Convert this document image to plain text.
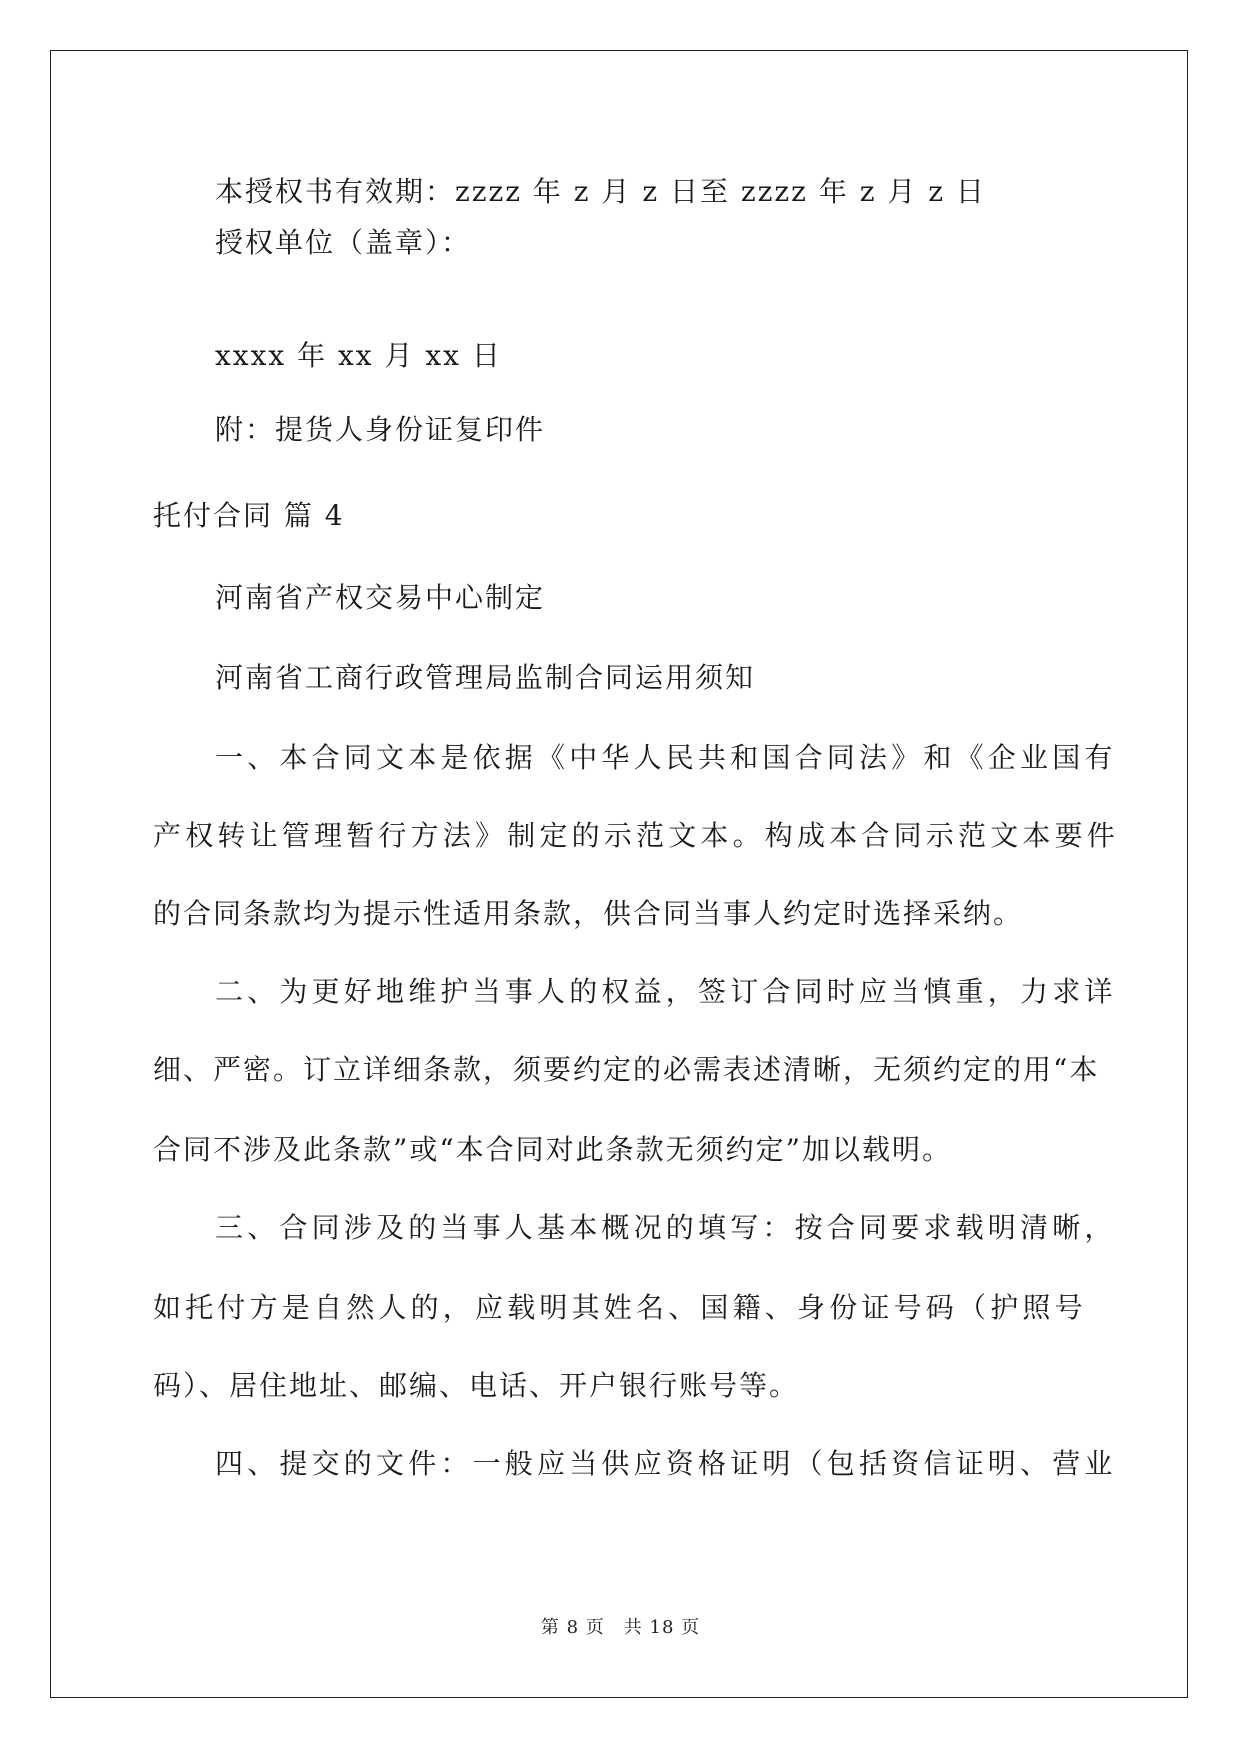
本授权书有效期：zzzz 年 z 月 z 日至 zzzz 年 z 月 z 日
授权单位（盖章）：
xxxx 年 xx 月 xx 日
附：提货人身份证复印件
托付合同 篇 4
河南省产权交易中心制定
河南省工商行政管理局监制合同运用须知
一、本合同文本是依据《中华人民共和国合同法》和《企业国有
产权转让管理暂行方法》制定的示范文本。构成本合同示范文本要件
的合同条款均为提示性适用条款，供合同当事人约定时选择采纳。
二、为更好地维护当事人的权益，签订合同时应当慎重，力求详
细、严密。订立详细条款，须要约定的必需表述清晰，无须约定的用“本
合同不涉及此条款”或“本合同对此条款无须约定”加以载明。
三、合同涉及的当事人基本概况的填写：按合同要求载明清晰，
如托付方是自然人的，应载明其姓名、国籍、身份证号码（护照号
码）、居住地址、邮编、电话、开户银行账号等。
四、提交的文件：一般应当供应资格证明（包括资信证明、营业
第 8 页　共 18 页
